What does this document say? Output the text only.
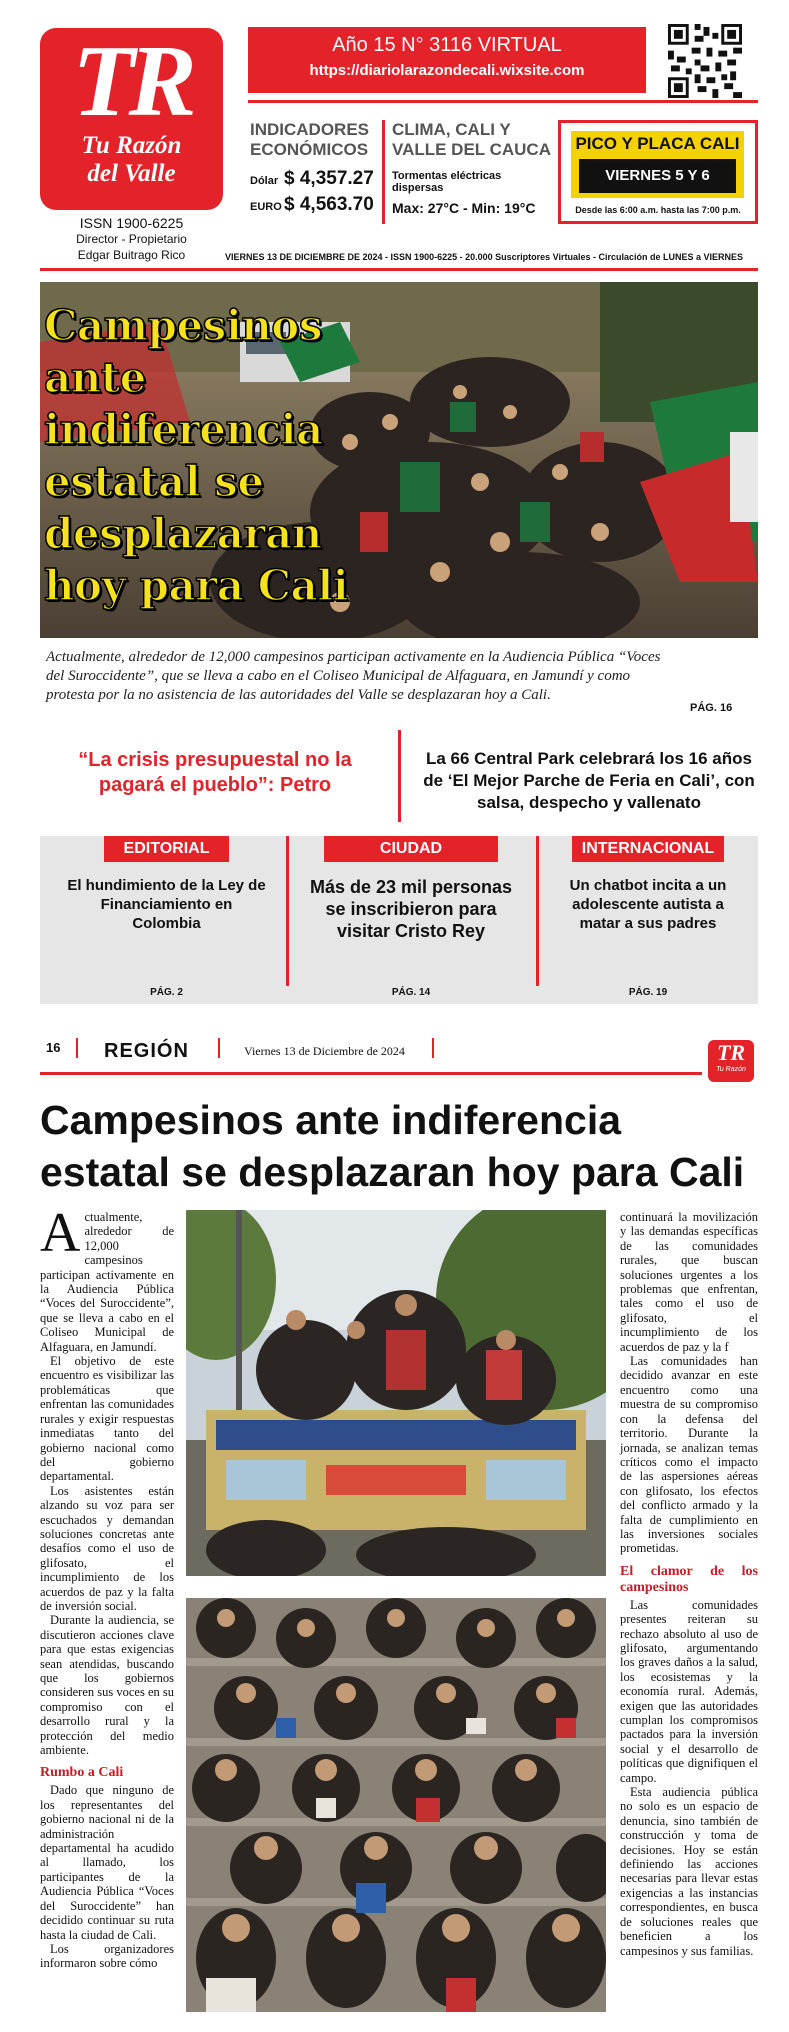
TR
Tu Razón
del Valle
ISSN 1900-6225
Director - Propietario
Edgar Buitrago Rico
Año 15 N° 3116 VIRTUAL
https://diariolarazondecali.wixsite.com
INDICADORES
ECONÓMICOS
Dólar $ 4,357.27
EURO $ 4,563.70
CLIMA, CALI Y
VALLE DEL CAUCA
Tormentas eléctricas dispersas
Max: 27°C - Min: 19°C
PICO Y PLACA CALI
VIERNES 5 Y 6
Desde las 6:00 a.m. hasta las 7:00 p.m.
VIERNES 13 DE DICIEMBRE DE 2024 - ISSN 1900-6225 - 20.000 Suscriptores Virtuales - Circulación de LUNES a VIERNES
Campesinos ante indiferencia estatal se desplazaran hoy para Cali
Actualmente, alrededor de 12,000 campesinos participan activamente en la Audiencia Pública “Voces del Suroccidente”, que se lleva a cabo en el Coliseo Municipal de Alfaguara, en Jamundí y como protesta por la no asistencia de las autoridades del Valle se desplazaran hoy a Cali.
PÁG. 16
“La crisis presupuestal no la pagará el pueblo”: Petro
La 66 Central Park celebrará los 16 años de ‘El Mejor Parche de Feria en Cali’, con salsa, despecho y vallenato
EDITORIAL
El hundimiento de la Ley de Financiamiento en Colombia
PÁG. 2
CIUDAD
Más de 23 mil personas se inscribieron para visitar Cristo Rey
PÁG. 14
INTERNACIONAL
Un chatbot incita a un adolescente autista a matar a sus padres
PÁG. 19
16 REGIÓN	Viernes 13 de Diciembre de 2024	TR
Tu Razón
Campesinos ante indiferencia estatal se desplazaran hoy para Cali

Actualmente, alrededor de 12,000 campesinos participan activamente en la Audiencia Pública “Voces del Suroccidente”, que se lleva a cabo en el Coliseo Municipal de Alfaguara, en Jamundí.

El objetivo de este encuentro es visibilizar las problemáticas que enfrentan las comunidades rurales y exigir respuestas inmediatas tanto del gobierno nacional como del gobierno departamental.

Los asistentes están alzando su voz para ser escuchados y demandan soluciones concretas ante desafíos como el uso de glifosato, el incumplimiento de los acuerdos de paz y la falta de inversión social.

Durante la audiencia, se discutieron acciones clave para que estas exigencias sean atendidas, buscando que los gobiernos consideren sus voces en su compromiso con el desarrollo rural y la protección del medio ambiente.

Rumbo a Cali

Dado que ninguno de los representantes del gobierno nacional ni de la administración departamental ha acudido al llamado, los participantes de la Audiencia Pública “Voces del Suroccidente” han decidido continuar su ruta hasta la ciudad de Cali.

Los organizadores informaron sobre cómo

continuará la movilización y las demandas específicas de las comunidades rurales, que buscan soluciones urgentes a los problemas que enfrentan, tales como el uso de glifosato, el incumplimiento de los acuerdos de paz y la f

Las comunidades han decidido avanzar en este encuentro como una muestra de su compromiso con la defensa del territorio. Durante la jornada, se analizan temas críticos como el impacto de las aspersiones aéreas con glifosato, los efectos del conflicto armado y la falta de cumplimiento en las inversiones sociales prometidas.

El clamor de los campesinos

Las comunidades presentes reiteran su rechazo absoluto al uso de glifosato, argumentando los graves daños a la salud, los ecosistemas y la economía rural. Además, exigen que las autoridades cumplan los compromisos pactados para la inversión social y el desarrollo de políticas que dignifiquen el campo.

Esta audiencia pública no solo es un espacio de denuncia, sino también de construcción y toma de decisiones. Hoy se están definiendo las acciones necesarias para llevar estas exigencias a las instancias correspondientes, en busca de soluciones reales que beneficien a los campesinos y sus familias.
